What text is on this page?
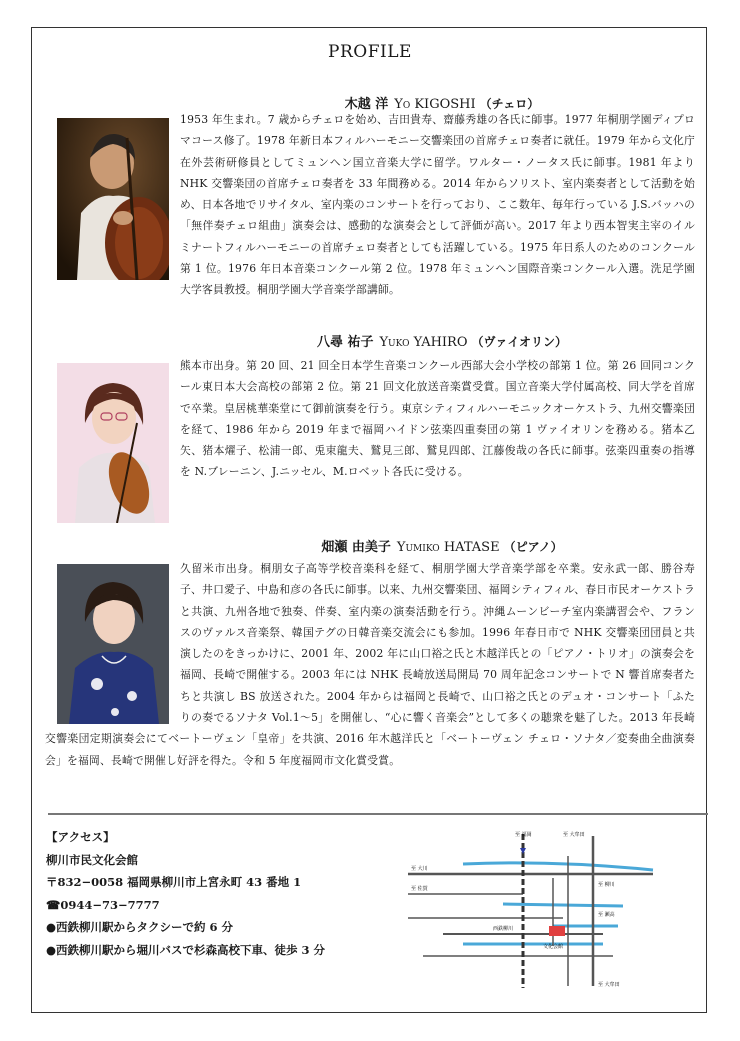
PROFILE
木越 洋 Yo KIGOSHI （チェロ）
1953 年生まれ。7 歳からチェロを始め、吉田貴寿、齋藤秀雄の各氏に師事。1977 年桐朋学園ディプロマコース修了。1978 年新日本フィルハーモニー交響楽団の首席チェロ奏者に就任。1979 年から文化庁在外芸術研修員としてミュンヘン国立音楽大学に留学。ワルター・ノータス氏に師事。1981 年より NHK 交響楽団の首席チェロ奏者を 33 年間務める。2014 年からソリスト、室内楽奏者として活動を始め、日本各地でリサイタル、室内楽のコンサートを行っており、ここ数年、毎年行っている J.S.バッハの「無伴奏チェロ組曲」演奏会は、感動的な演奏会として評価が高い。2017 年より西本智実主宰のイルミナートフィルハーモニーの首席チェロ奏者としても活躍している。1975 年日系人のためのコンクール第 1 位。1976 年日本音楽コンクール第 2 位。1978 年ミュンヘン国際音楽コンクール入選。洗足学園大学客員教授。桐朋学園大学音楽学部講師。
八尋 祐子 Yuko YAHIRO （ヴァイオリン）
熊本市出身。第 20 回、21 回全日本学生音楽コンクール西部大会小学校の部第 1 位。第 26 回同コンクール東日本大会高校の部第 2 位。第 21 回文化放送音楽賞受賞。国立音楽大学付属高校、同大学を首席で卒業。皇居桃華楽堂にて御前演奏を行う。東京シティフィルハーモニックオーケストラ、九州交響楽団を経て、1986 年から 2019 年まで福岡ハイドン弦楽四重奏団の第 1 ヴァイオリンを務める。猪本乙矢、猪本燿子、松浦一郎、兎束龍夫、鷲見三郎、鷲見四郎、江藤俊哉の各氏に師事。弦楽四重奏の指導を N.ブレーニン、J.ニッセル、M.ロベット各氏に受ける。
畑瀬 由美子 Yumiko HATASE （ピアノ）
久留米市出身。桐朋女子高等学校音楽科を経て、桐朋学園大学音楽学部を卒業。安永武一郎、勝谷寿子、井口愛子、中島和彦の各氏に師事。以来、九州交響楽団、福岡シティフィル、春日市民オーケストラと共演、九州各地で独奏、伴奏、室内楽の演奏活動を行う。沖縄ムーンビーチ室内楽講習会や、フランスのヴァルス音楽祭、韓国テグの日韓音楽交流会にも参加。1996 年春日市で NHK 交響楽団団員と共演したのをきっかけに、2001 年、2002 年に山口裕之氏と木越洋氏との「ピアノ・トリオ」の演奏会を福岡、長崎で開催する。2003 年には NHK 長崎放送局開局 70 周年記念コンサートで N 響首席奏者たちと共演し BS 放送された。2004 年からは福岡と長崎で、山口裕之氏とのデュオ・コンサート「ふたりの奏でるソナタ Vol.1～5」を開催し、“心に響く音楽会”として多くの聴衆を魅了した。2013 年長崎交響楽団定期演奏会にてベートーヴェン「皇帝」を共演、2016 年木越洋氏と「ベートーヴェン チェロ・ソナタ／変奏曲全曲演奏会」を福岡、長崎で開催し好評を得た。令和 5 年度福岡市文化賞受賞。
【アクセス】
柳川市民文化会館
〒832−0058 福岡県柳川市上宮永町 43 番地 1
☎0944−73−7777
●西鉄柳川駅からタクシーで約 6 分
●西鉄柳川駅から堀川バスで杉森高校下車、徒歩 3 分
至 福岡	至 大牟田
至 大川
至 佐賀
至 柳川
至 瀬高
西鉄柳川
文化会館
至 大牟田
